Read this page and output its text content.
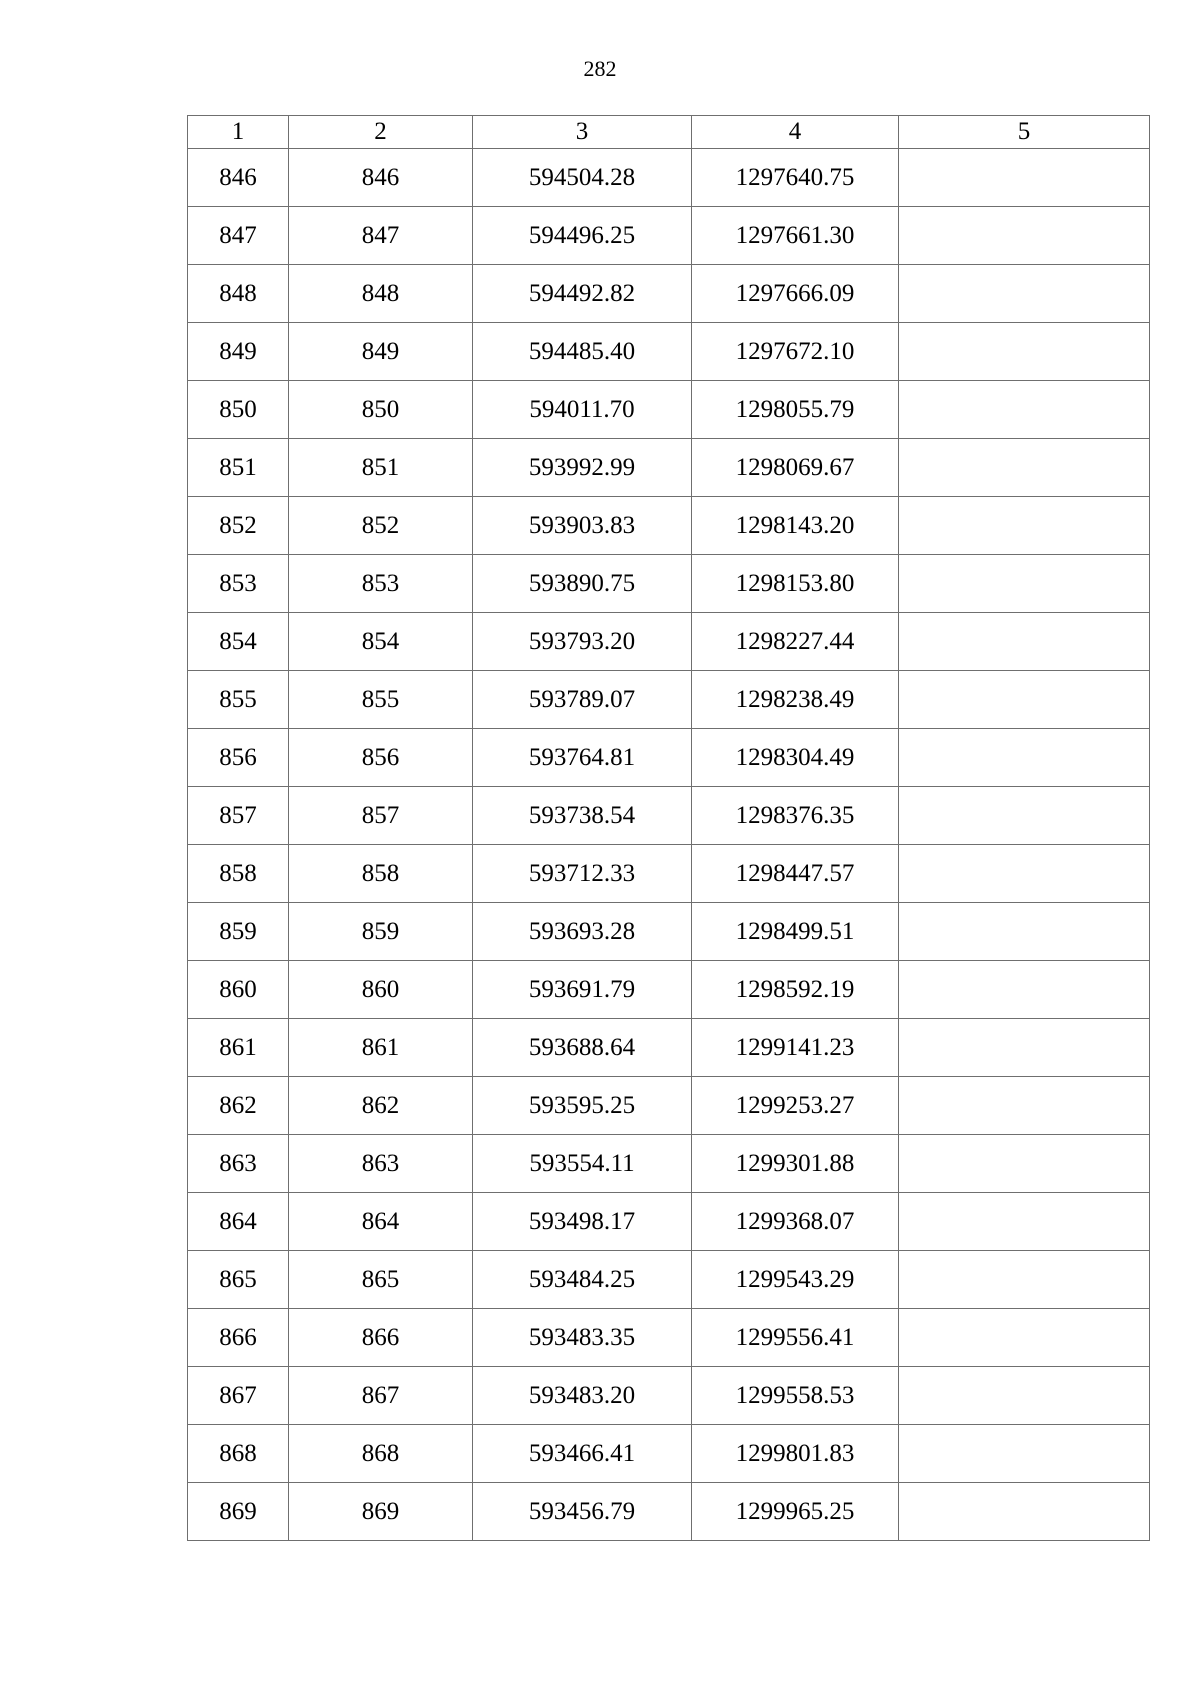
282
1	2	3	4	5
846	846	594504.28	1297640.75	
847	847	594496.25	1297661.30	
848	848	594492.82	1297666.09	
849	849	594485.40	1297672.10	
850	850	594011.70	1298055.79	
851	851	593992.99	1298069.67	
852	852	593903.83	1298143.20	
853	853	593890.75	1298153.80	
854	854	593793.20	1298227.44	
855	855	593789.07	1298238.49	
856	856	593764.81	1298304.49	
857	857	593738.54	1298376.35	
858	858	593712.33	1298447.57	
859	859	593693.28	1298499.51	
860	860	593691.79	1298592.19	
861	861	593688.64	1299141.23	
862	862	593595.25	1299253.27	
863	863	593554.11	1299301.88	
864	864	593498.17	1299368.07	
865	865	593484.25	1299543.29	
866	866	593483.35	1299556.41	
867	867	593483.20	1299558.53	
868	868	593466.41	1299801.83	
869	869	593456.79	1299965.25	
